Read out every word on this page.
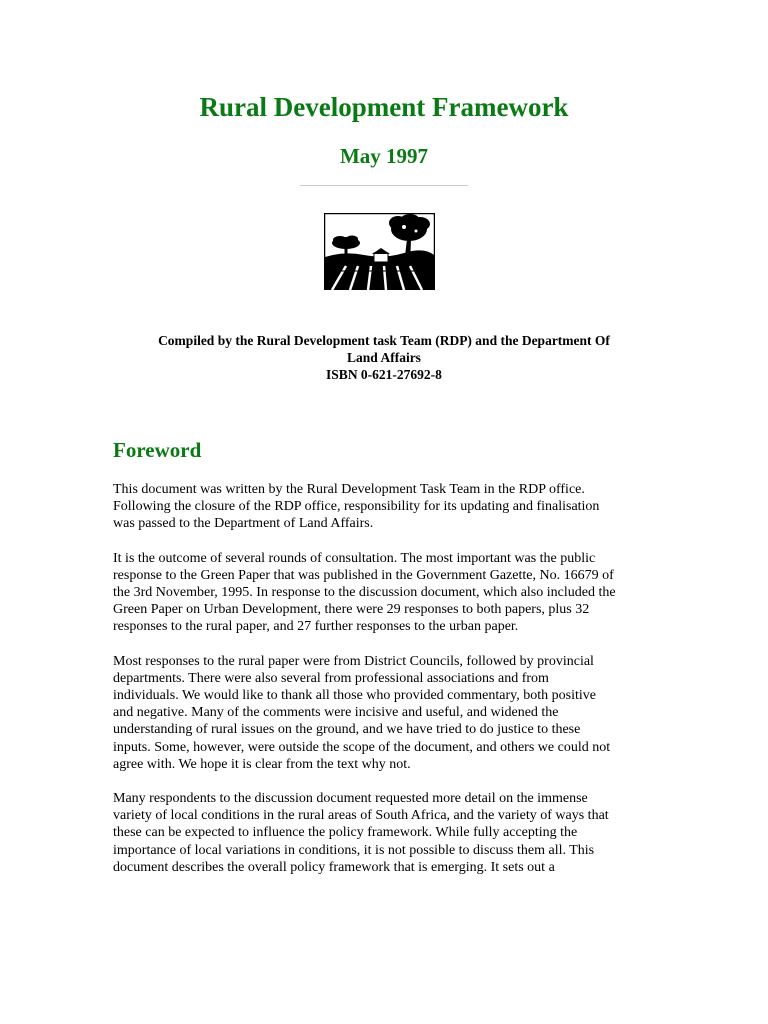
Rural Development Framework
May 1997
Compiled by the Rural Development task Team (RDP) and the Department Of
Land Affairs
ISBN 0-621-27692-8
Foreword
This document was written by the Rural Development Task Team in the RDP office.
Following the closure of the RDP office, responsibility for its updating and finalisation
was passed to the Department of Land Affairs.
It is the outcome of several rounds of consultation. The most important was the public
response to the Green Paper that was published in the Government Gazette, No. 16679 of
the 3rd November, 1995. In response to the discussion document, which also included the
Green Paper on Urban Development, there were 29 responses to both papers, plus 32
responses to the rural paper, and 27 further responses to the urban paper.
Most responses to the rural paper were from District Councils, followed by provincial
departments. There were also several from professional associations and from
individuals. We would like to thank all those who provided commentary, both positive
and negative. Many of the comments were incisive and useful, and widened the
understanding of rural issues on the ground, and we have tried to do justice to these
inputs. Some, however, were outside the scope of the document, and others we could not
agree with. We hope it is clear from the text why not.
Many respondents to the discussion document requested more detail on the immense
variety of local conditions in the rural areas of South Africa, and the variety of ways that
these can be expected to influence the policy framework. While fully accepting the
importance of local variations in conditions, it is not possible to discuss them all. This
document describes the overall policy framework that is emerging. It sets out a
